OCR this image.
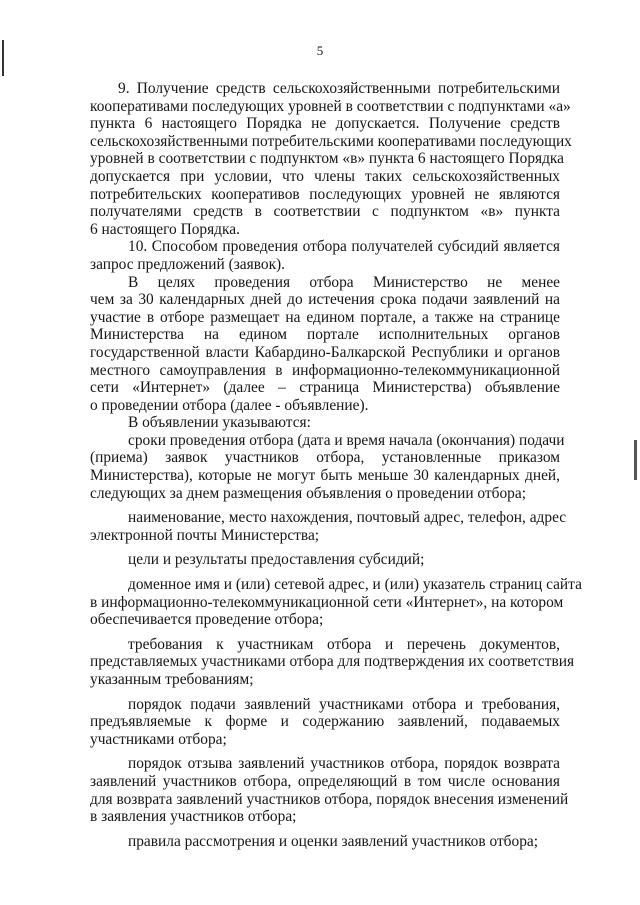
5

9. Получение средств сельскохозяйственными потребительскими
кооперативами последующих уровней в соответствии с подпунктами «а»
пункта 6 настоящего Порядка не допускается. Получение средств
сельскохозяйственными потребительскими кооперативами последующих
уровней в соответствии с подпунктом «в» пункта 6 настоящего Порядка
допускается при условии, что члены таких сельскохозяйственных
потребительских кооперативов последующих уровней не являются
получателями средств в соответствии с подпунктом «в» пункта
6 настоящего Порядка.

10. Способом проведения отбора получателей субсидий является
запрос предложений (заявок).

В целях проведения отбора Министерство не менее
чем за 30 календарных дней до истечения срока подачи заявлений на
участие в отборе размещает на едином портале, а также на странице
Министерства на едином портале исполнительных органов
государственной власти Кабардино-Балкарской Республики и органов
местного самоуправления в информационно-телекоммуникационной
сети «Интернет» (далее – страница Министерства) объявление
о проведении отбора (далее - объявление).

В объявлении указываются:

сроки проведения отбора (дата и время начала (окончания) подачи
(приема) заявок участников отбора, установленные приказом
Министерства), которые не могут быть меньше 30 календарных дней,
следующих за днем размещения объявления о проведении отбора;

наименование, место нахождения, почтовый адрес, телефон, адрес
электронной почты Министерства;

цели и результаты предоставления субсидий;

доменное имя и (или) сетевой адрес, и (или) указатель страниц сайта
в информационно-телекоммуникационной сети «Интернет», на котором
обеспечивается проведение отбора;

требования к участникам отбора и перечень документов,
представляемых участниками отбора для подтверждения их соответствия
указанным требованиям;

порядок подачи заявлений участниками отбора и требования,
предъявляемые к форме и содержанию заявлений, подаваемых
участниками отбора;

порядок отзыва заявлений участников отбора, порядок возврата
заявлений участников отбора, определяющий в том числе основания
для возврата заявлений участников отбора, порядок внесения изменений
в заявления участников отбора;

правила рассмотрения и оценки заявлений участников отбора;
